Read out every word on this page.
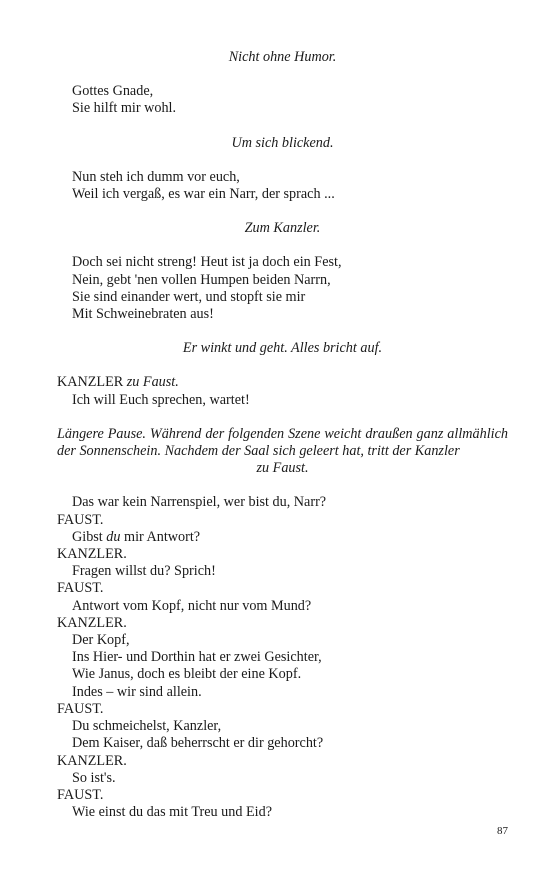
Nicht ohne Humor.
Gottes Gnade,
Sie hilft mir wohl.
Um sich blickend.
Nun steh ich dumm vor euch,
Weil ich vergaß, es war ein Narr, der sprach ...
Zum Kanzler.
Doch sei nicht streng! Heut ist ja doch ein Fest,
Nein, gebt 'nen vollen Humpen beiden Narrn,
Sie sind einander wert, und stopft sie mir
Mit Schweinebraten aus!
Er winkt und geht. Alles bricht auf.
KANZLER zu Faust.
Ich will Euch sprechen, wartet!
Längere Pause. Während der folgenden Szene weicht draußen ganz allmählich der Sonnenschein. Nachdem der Saal sich geleert hat, tritt der Kanzler
zu Faust.
Das war kein Narrenspiel, wer bist du, Narr?
FAUST.
Gibst du mir Antwort?
KANZLER.
Fragen willst du? Sprich!
FAUST.
Antwort vom Kopf, nicht nur vom Mund?
KANZLER.
Der Kopf,
Ins Hier- und Dorthin hat er zwei Gesichter,
Wie Janus, doch es bleibt der eine Kopf.
Indes – wir sind allein.
FAUST.
Du schmeichelst, Kanzler,
Dem Kaiser, daß beherrscht er dir gehorcht?
KANZLER.
So ist's.
FAUST.
Wie einst du das mit Treu und Eid?
87
